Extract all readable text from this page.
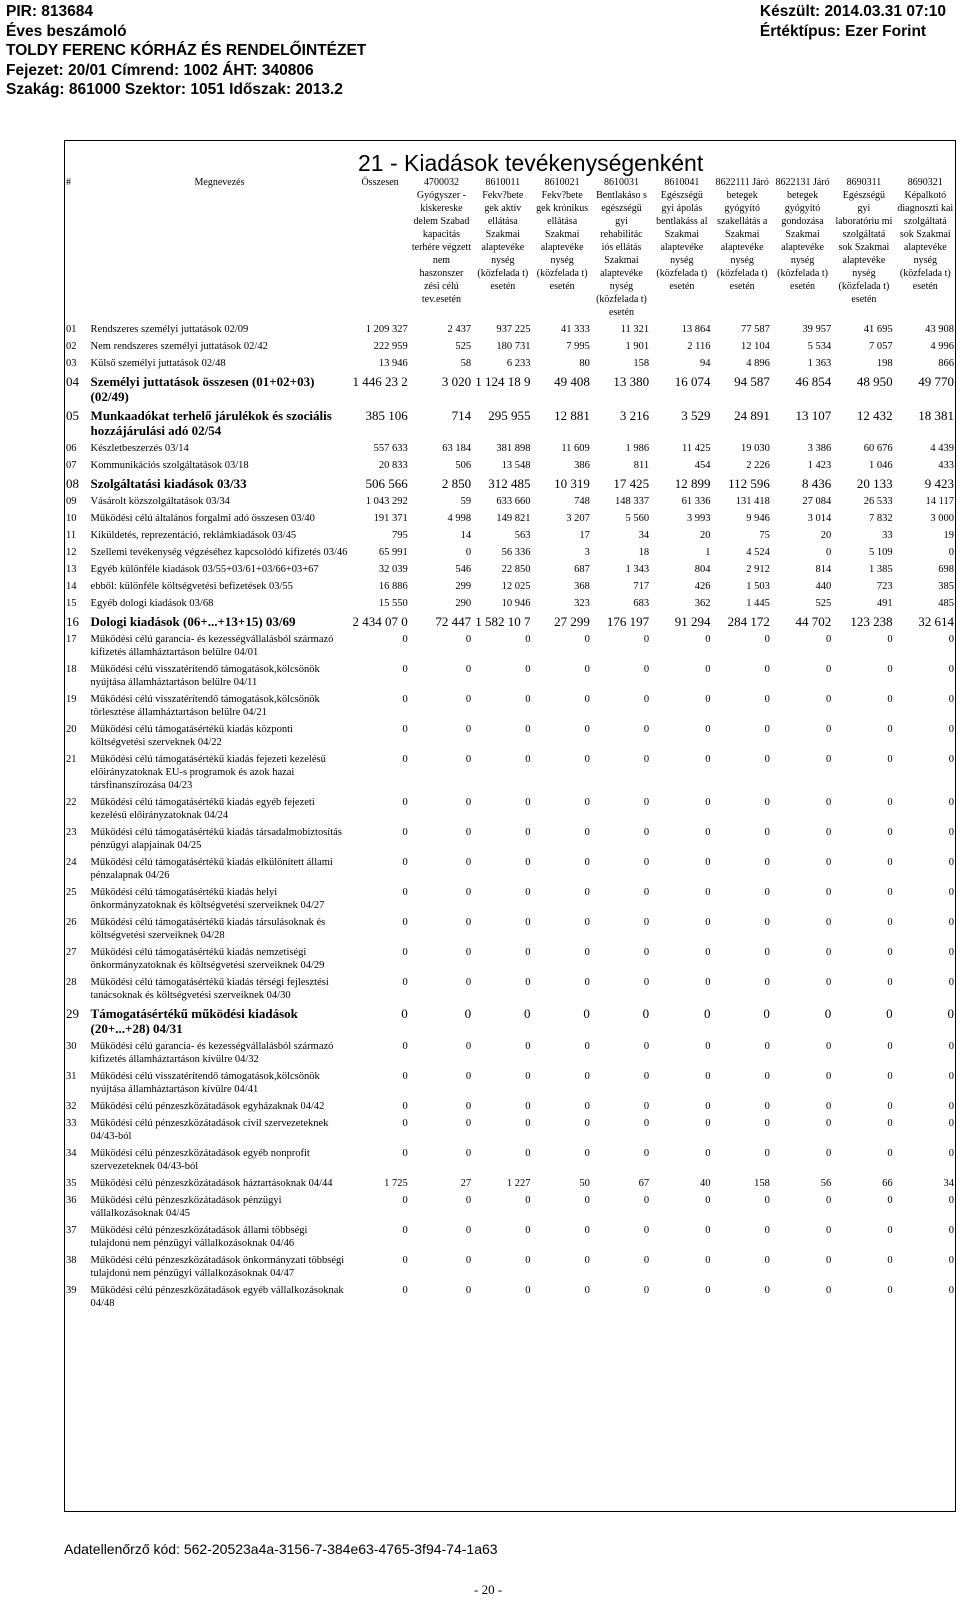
PIR: 813684
Éves beszámoló
TOLDY FERENC KÓRHÁZ ÉS RENDELŐINTÉZET
Fejezet: 20/01 Címrend: 1002 ÁHT: 340806
Szakág: 861000 Szektor: 1051 Időszak: 2013.2
Készült: 2014.03.31 07:10
Értéktípus: Ezer Forint
21 - Kiadások tevékenységenként
#	Megnevezés	Összesen	4700032 Gyógyszer - kiskereske delem Szabad kapacitás terhére végzett nem haszonszer zési célú tev.esetén	8610011 Fekv?bete gek aktív ellátása Szakmai alaptevéke nység (közfelada t) esetén	8610021 Fekv?bete gek krónikus ellátása Szakmai alaptevéke nység (közfelada t) esetén	8610031 Bentlakáso s egészségü gyi rehabilitác iós ellátás Szakmai alaptevéke nység (közfelada t) esetén	8610041 Egészségü gyi ápolás bentlakáss al Szakmai alaptevéke nység (közfelada t) esetén	8622111 Járó betegek gyógyító szakellátás a Szakmai alaptevéke nység (közfelada t) esetén	8622131 Járó betegek gyógyító gondozása Szakmai alaptevéke nység (közfelada t) esetén	8690311 Egészségü gyi laboratóriu mi szolgáltatá sok Szakmai alaptevéke nység (közfelada t) esetén	8690321 Képalkotó diagnoszti kai szolgáltatá sok Szakmai alaptevéke nység (közfelada t) esetén
01	Rendszeres személyi juttatások 02/09	1 209 327	2 437	937 225	41 333	11 321	13 864	77 587	39 957	41 695	43 908
02	Nem rendszeres személyi juttatások 02/42	222 959	525	180 731	7 995	1 901	2 116	12 104	5 534	7 057	4 996
03	Külső személyi juttatások 02/48	13 946	58	6 233	80	158	94	4 896	1 363	198	866
04	Személyi juttatások összesen (01+02+03) (02/49)	1 446 23 2	3 020	1 124 18 9	49 408	13 380	16 074	94 587	46 854	48 950	49 770
05	Munkaadókat terhelő járulékok és szociális hozzájárulási adó 02/54	385 106	714	295 955	12 881	3 216	3 529	24 891	13 107	12 432	18 381
06	Készletbeszerzés 03/14	557 633	63 184	381 898	11 609	1 986	11 425	19 030	3 386	60 676	4 439
07	Kommunikációs szolgáltatások 03/18	20 833	506	13 548	386	811	454	2 226	1 423	1 046	433
08	Szolgáltatási kiadások 03/33	506 566	2 850	312 485	10 319	17 425	12 899	112 596	8 436	20 133	9 423
09	Vásárolt közszolgáltatások 03/34	1 043 292	59	633 660	748	148 337	61 336	131 418	27 084	26 533	14 117
10	Működési célú általános forgalmi adó összesen 03/40	191 371	4 998	149 821	3 207	5 560	3 993	9 946	3 014	7 832	3 000
11	Kiküldetés, reprezentáció, reklámkiadások 03/45	795	14	563	17	34	20	75	20	33	19
12	Szellemi tevékenység végzéséhez kapcsolódó kifizetés 03/46	65 991	0	56 336	3	18	1	4 524	0	5 109	0
13	Egyéb különféle kiadások 03/55+03/61+03/66+03+67	32 039	546	22 850	687	1 343	804	2 912	814	1 385	698
14	ebből: különféle költségvetési befizetések 03/55	16 886	299	12 025	368	717	426	1 503	440	723	385
15	Egyéb dologi kiadások 03/68	15 550	290	10 946	323	683	362	1 445	525	491	485
16	Dologi kiadások (06+...+13+15) 03/69	2 434 07 0	72 447	1 582 10 7	27 299	176 197	91 294	284 172	44 702	123 238	32 614
17	Működési célú garancia- és kezességvállalásból származó kifizetés államháztartáson belülre 04/01	0	0	0	0	0	0	0	0	0	0
18	Működési célú visszatérítendő támogatások,kölcsönök nyújtása államháztartáson belülre 04/11	0	0	0	0	0	0	0	0	0	0
19	Működési célú visszatérítendő támogatások,kölcsönök törlesztése államháztartáson belülre 04/21	0	0	0	0	0	0	0	0	0	0
20	Működési célú támogatásértékű kiadás központi költségvetési szerveknek 04/22	0	0	0	0	0	0	0	0	0	0
21	Működési célú támogatásértékű kiadás fejezeti kezelésű előirányzatoknak EU-s programok és azok hazai társfinanszírozása 04/23	0	0	0	0	0	0	0	0	0	0
22	Működési célú támogatásértékű kiadás egyéb fejezeti kezelésű előirányzatoknak 04/24	0	0	0	0	0	0	0	0	0	0
23	Működési célú támogatásértékű kiadás társadalmobiztosítás pénzügyi alapjainak 04/25	0	0	0	0	0	0	0	0	0	0
24	Működési célú támogatásértékű kiadás elkülönített állami pénzalapnak 04/26	0	0	0	0	0	0	0	0	0	0
25	Működési célú támogatásértékű kiadás helyi önkormányzatoknak és költségvetési szerveiknek 04/27	0	0	0	0	0	0	0	0	0	0
26	Működési célú támogatásértékű kiadás társulásoknak és költségvetési szerveiknek 04/28	0	0	0	0	0	0	0	0	0	0
27	Működési célú támogatásértékű kiadás nemzetiségi önkormányzatoknak és költségvetési szerveiknek 04/29	0	0	0	0	0	0	0	0	0	0
28	Működési célú támogatásértékű kiadás térségi fejlesztési tanácsoknak és költségvetési szerveiknek 04/30	0	0	0	0	0	0	0	0	0	0
29	Támogatásértékű működési kiadások (20+...+28) 04/31	0	0	0	0	0	0	0	0	0	0
30	Működési célú garancia- és kezességvállalásból származó kifizetés államháztartáson kívülre 04/32	0	0	0	0	0	0	0	0	0	0
31	Működési célú visszatérítendő támogatások,kölcsönök nyújtása államháztartáson kívülre 04/41	0	0	0	0	0	0	0	0	0	0
32	Működési célú pénzeszközátadások egyházaknak 04/42	0	0	0	0	0	0	0	0	0	0
33	Működési célú pénzeszközátadások civil szervezeteknek 04/43-ból	0	0	0	0	0	0	0	0	0	0
34	Működési célú pénzeszközátadások egyéb nonprofit szervezeteknek 04/43-ból	0	0	0	0	0	0	0	0	0	0
35	Működési célú pénzeszközátadások háztartásoknak 04/44	1 725	27	1 227	50	67	40	158	56	66	34
36	Működési célú pénzeszközátadások pénzügyi vállalkozásoknak 04/45	0	0	0	0	0	0	0	0	0	0
37	Működési célú pénzeszközátadások állami többségi tulajdonú nem pénzügyi vállalkozásoknak 04/46	0	0	0	0	0	0	0	0	0	0
38	Működési célú pénzeszközátadások önkormányzati többségi tulajdonú nem pénzügyi vállalkozásoknak 04/47	0	0	0	0	0	0	0	0	0	0
39	Működési célú pénzeszközátadások egyéb vállalkozásoknak 04/48	0	0	0	0	0	0	0	0	0	0
Adatellenőrző kód: 562-20523a4a-3156-7-384e63-4765-3f94-74-1a63
- 20 -
